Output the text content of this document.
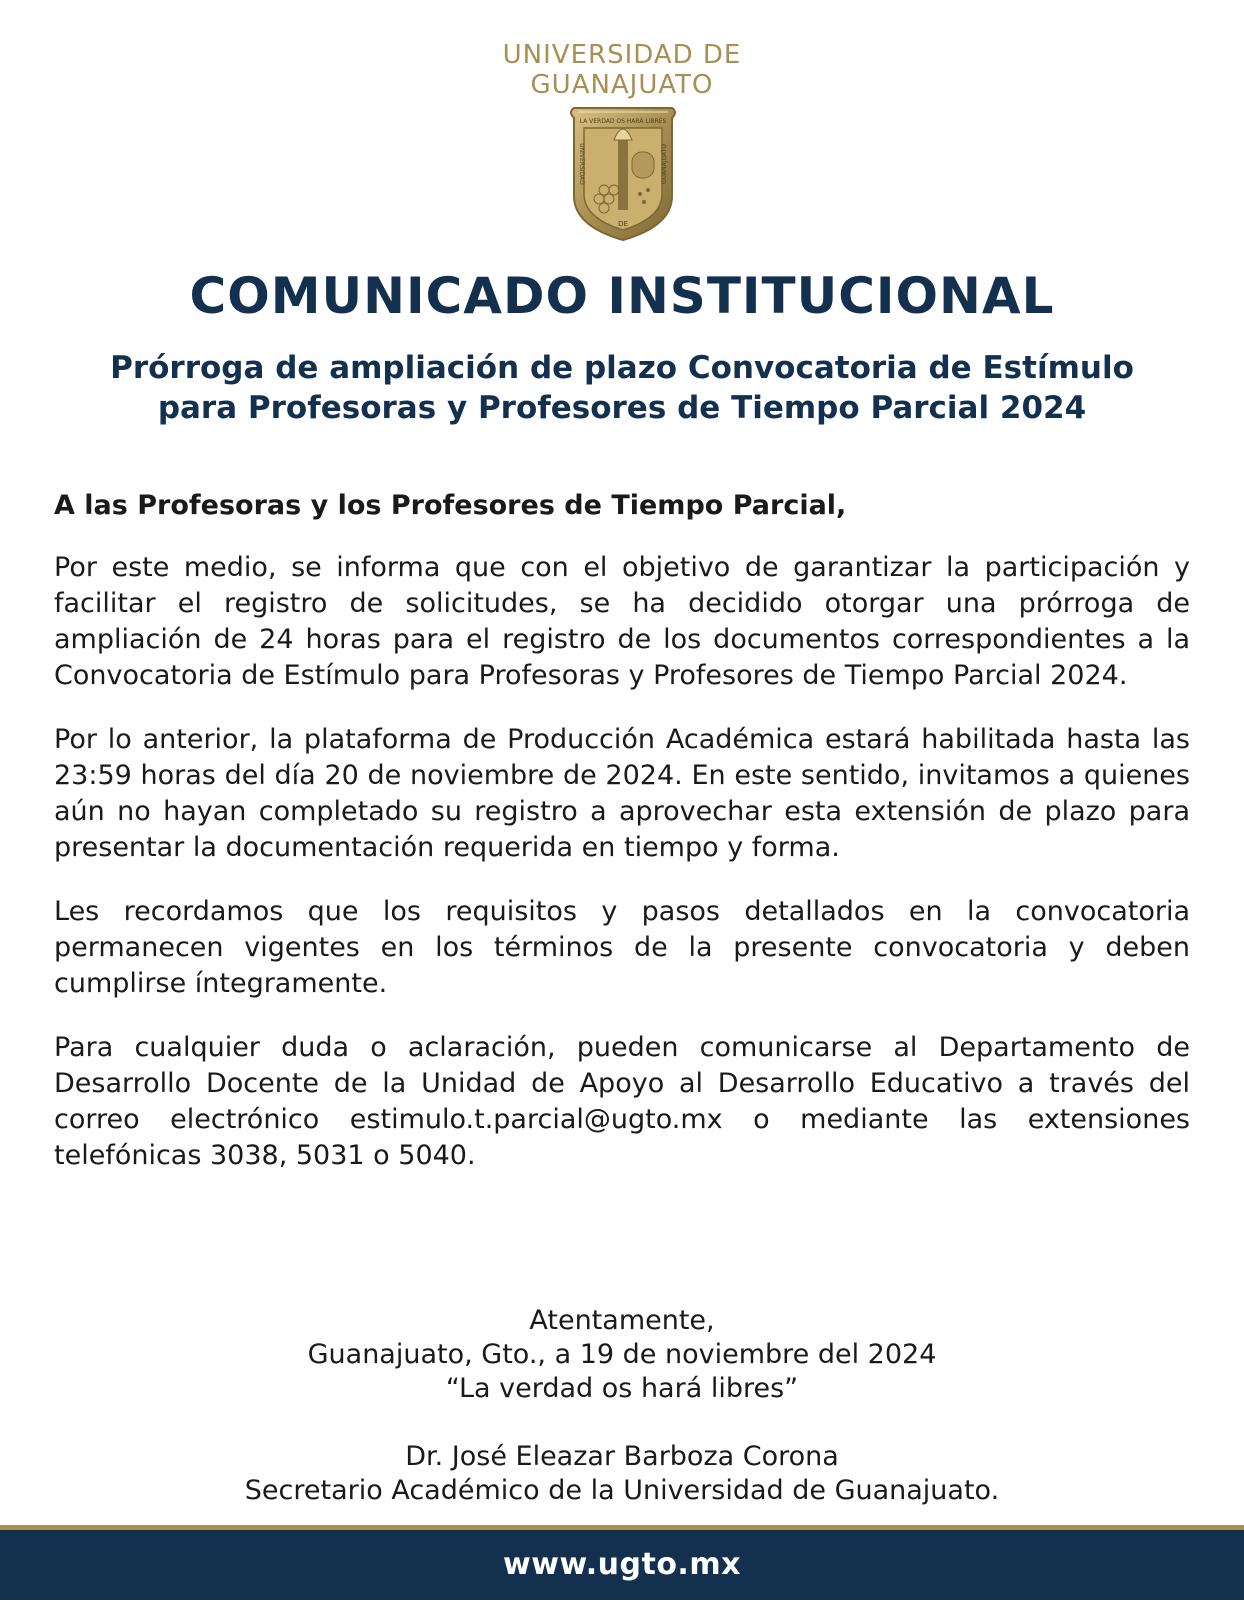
UNIVERSIDAD DE
GUANAJUATO
LA VERDAD OS HARÁ LIBRES
UNIVERSIDAD	GUANAJUATO
DE
COMUNICADO INSTITUCIONAL
Prórroga de ampliación de plazo Convocatoria de Estímulo
para Profesoras y Profesores de Tiempo Parcial 2024

A las Profesoras y los Profesores de Tiempo Parcial,

Por este medio, se informa que con el objetivo de garantizar la participación y facilitar el registro de solicitudes, se ha decidido otorgar una prórroga de ampliación de 24 horas para el registro de los documentos correspondientes a la Convocatoria de Estímulo para Profesoras y Profesores de Tiempo Parcial 2024.

Por lo anterior, la plataforma de Producción Académica estará habilitada hasta las 23:59 horas del día 20 de noviembre de 2024. En este sentido, invitamos a quienes aún no hayan completado su registro a aprovechar esta extensión de plazo para presentar la documentación requerida en tiempo y forma.

Les recordamos que los requisitos y pasos detallados en la convocatoria permanecen vigentes en los términos de la presente convocatoria y deben cumplirse íntegramente.

Para cualquier duda o aclaración, pueden comunicarse al Departamento de Desarrollo Docente de la Unidad de Apoyo al Desarrollo Educativo a través del correo electrónico estimulo.t.parcial@ugto.mx o mediante las extensiones telefónicas 3038, 5031 o 5040.

Atentamente,
Guanajuato, Gto., a 19 de noviembre del 2024
“La verdad os hará libres”
Dr. José Eleazar Barboza Corona
Secretario Académico de la Universidad de Guanajuato.
www.ugto.mx
